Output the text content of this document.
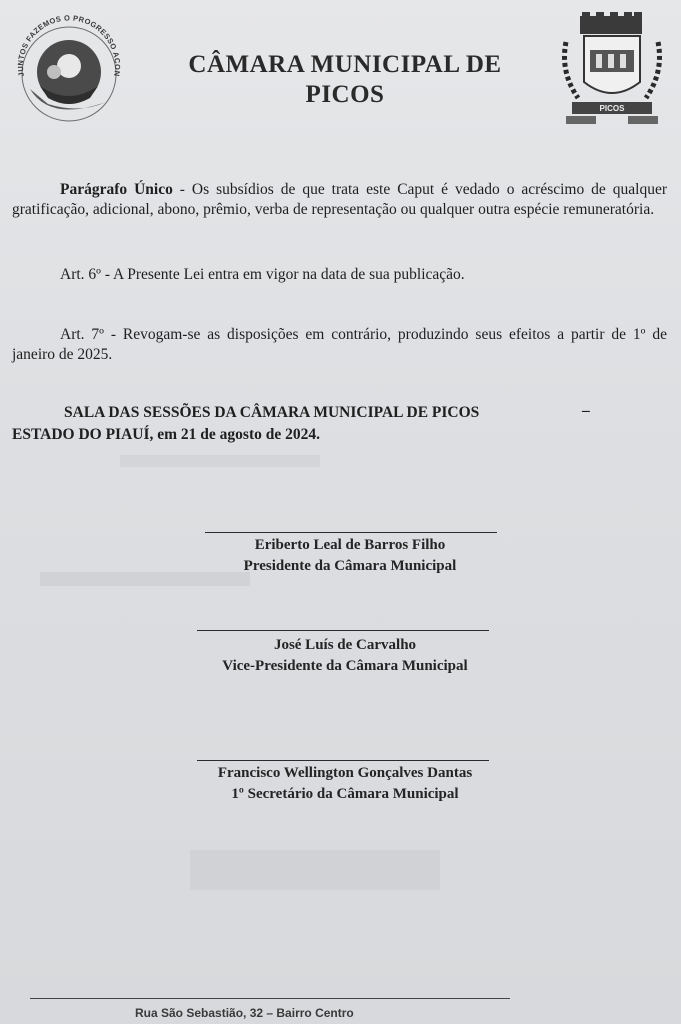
JUNTOS FAZEMOS O PROGRESSO ACON	CÂMARA MUNICIPAL DE
PICOS
PICOS
Parágrafo Único - Os subsídios de que trata este Caput é vedado o acréscimo de qualquer gratificação, adicional, abono, prêmio, verba de representação ou qualquer outra espécie remuneratória.
Art. 6º - A Presente Lei entra em vigor na data de sua publicação.
Art. 7º - Revogam-se as disposições em contrário, produzindo seus efeitos a partir de 1º de janeiro de 2025.
SALA DAS SESSÕES DA CÂMARA MUNICIPAL DE PICOS
ESTADO DO PIAUÍ, em 21 de agosto de 2024.
–
Eriberto Leal de Barros Filho
Presidente da Câmara Municipal
José Luís de Carvalho
Vice-Presidente da Câmara Municipal
Francisco Wellington Gonçalves Dantas
1º Secretário da Câmara Municipal
Rua São Sebastião, 32 – Bairro Centro
